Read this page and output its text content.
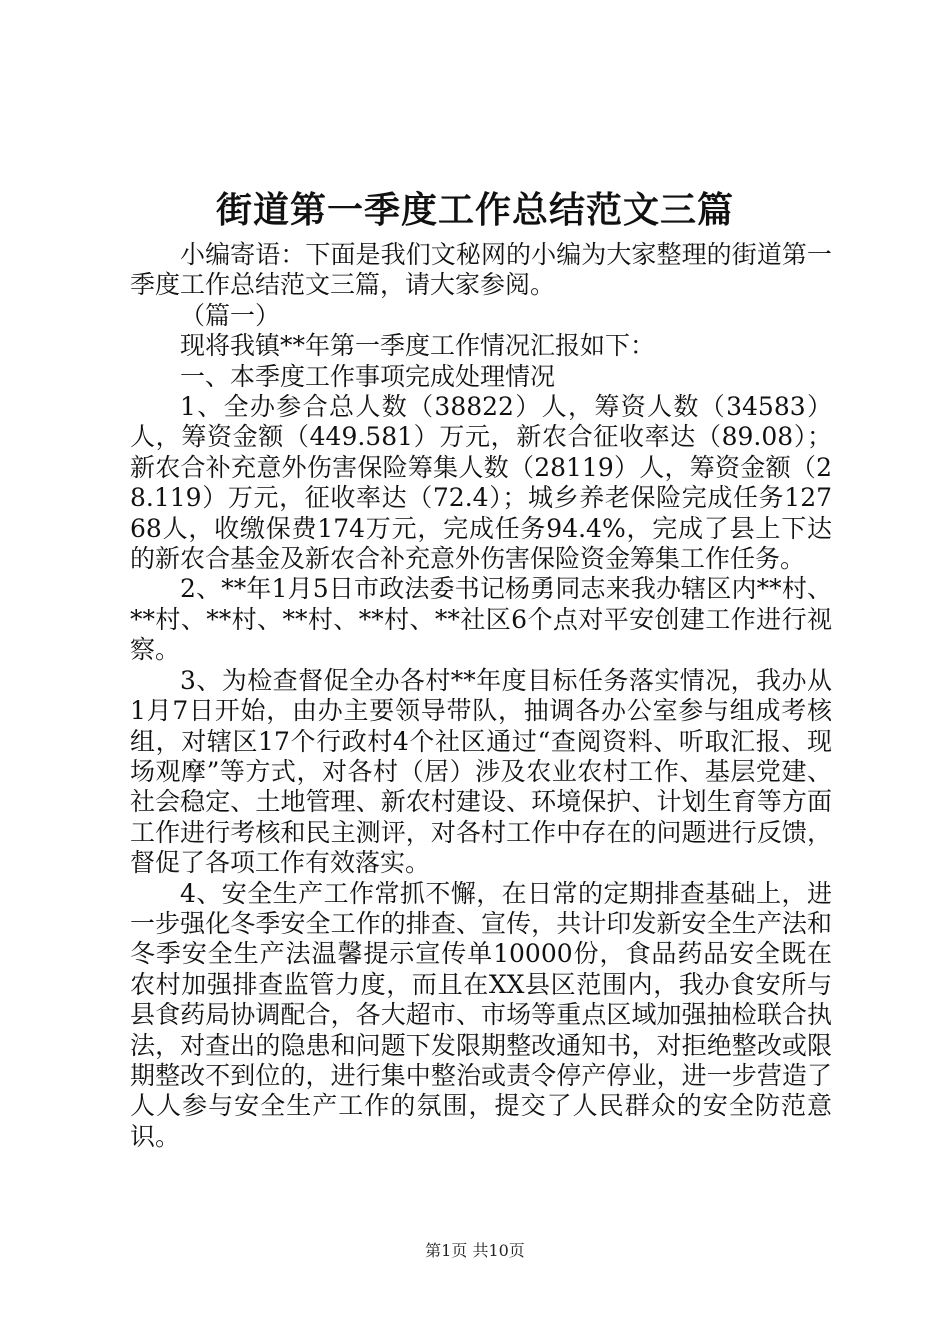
街道第一季度工作总结范文三篇

小编寄语：下面是我们文秘网的小编为大家整理的街道第一季度工作总结范文三篇，请大家参阅。

（篇一）

现将我镇**年第一季度工作情况汇报如下：

一、本季度工作事项完成处理情况

1、全办参合总人数（38822）人，筹资人数（34583）人，筹资金额（449.581）万元，新农合征收率达（89.08）；新农合补充意外伤害保险筹集人数（28119）人，筹资金额（28.119）万元，征收率达（72.4）；城乡养老保险完成任务12768人，收缴保费174万元，完成任务94.4%，完成了县上下达的新农合基金及新农合补充意外伤害保险资金筹集工作任务。

2、**年1月5日市政法委书记杨勇同志来我办辖区内**村、**村、**村、**村、**村、**社区6个点对平安创建工作进行视察。

3、为检查督促全办各村**年度目标任务落实情况，我办从1月7日开始，由办主要领导带队，抽调各办公室参与组成考核组，对辖区17个行政村4个社区通过“查阅资料、听取汇报、现场观摩”等方式，对各村（居）涉及农业农村工作、基层党建、社会稳定、土地管理、新农村建设、环境保护、计划生育等方面工作进行考核和民主测评，对各村工作中存在的问题进行反馈，督促了各项工作有效落实。

4、安全生产工作常抓不懈，在日常的定期排查基础上，进一步强化冬季安全工作的排查、宣传，共计印发新安全生产法和冬季安全生产法温馨提示宣传单10000份，食品药品安全既在农村加强排查监管力度，而且在XX县区范围内，我办食安所与县食药局协调配合，各大超市、市场等重点区域加强抽检联合执法，对查出的隐患和问题下发限期整改通知书，对拒绝整改或限期整改不到位的，进行集中整治或责令停产停业，进一步营造了人人参与安全生产工作的氛围，提交了人民群众的安全防范意识。

第1页 共10页
